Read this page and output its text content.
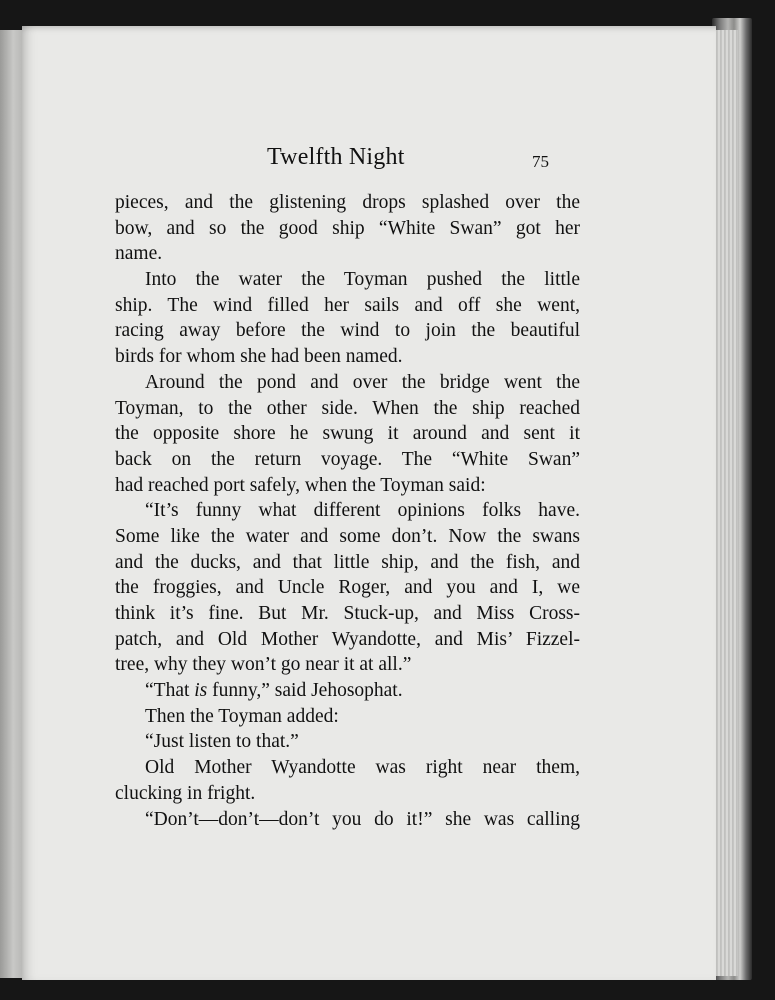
Twelfth Night	75
pieces, and the glistening drops splashed over the
bow, and so the good ship “White Swan” got her
name.
Into the water the Toyman pushed the little
ship. The wind filled her sails and off she went,
racing away before the wind to join the beautiful
birds for whom she had been named.
Around the pond and over the bridge went the
Toyman, to the other side. When the ship reached
the opposite shore he swung it around and sent it
back on the return voyage. The “White Swan”
had reached port safely, when the Toyman said:
“It’s funny what different opinions folks have.
Some like the water and some don’t. Now the swans
and the ducks, and that little ship, and the fish, and
the froggies, and Uncle Roger, and you and I, we
think it’s fine. But Mr. Stuck-up, and Miss Cross-
patch, and Old Mother Wyandotte, and Mis’ Fizzel-
tree, why they won’t go near it at all.”
“That is funny,” said Jehosophat.
Then the Toyman added:
“Just listen to that.”
Old Mother Wyandotte was right near them,
clucking in fright.
“Don’t—don’t—don’t you do it!” she was calling
